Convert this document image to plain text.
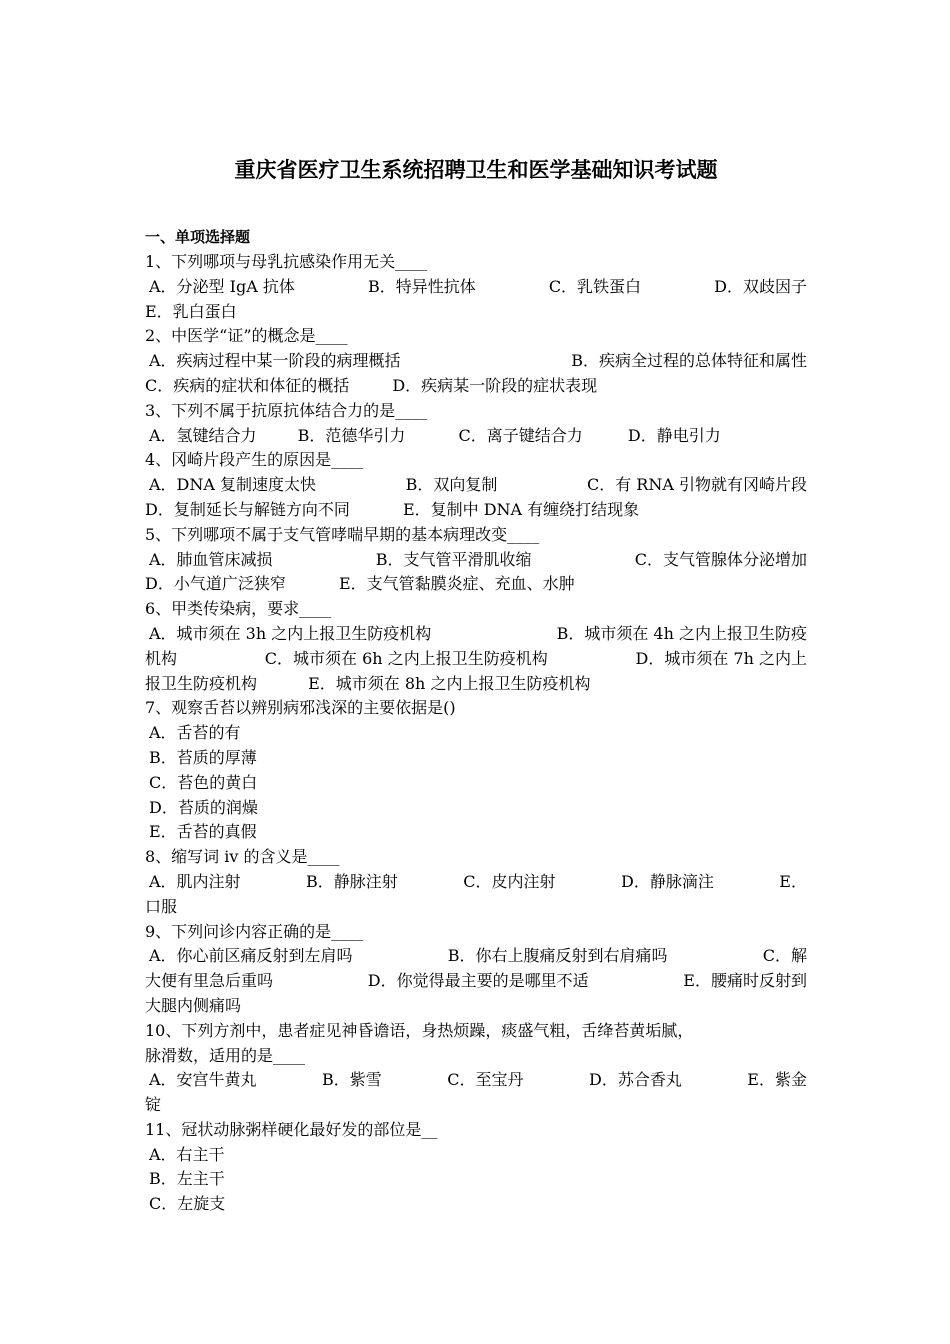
重庆省医疗卫生系统招聘卫生和医学基础知识考试题
一、单项选择题
1、下列哪项与母乳抗感染作用无关____
A．分泌型 IgA 抗体	B．特异性抗体	C．乳铁蛋白	D．双歧因子
E．乳白蛋白
2、中医学“证”的概念是____
A．疾病过程中某一阶段的病理概括	B．疾病全过程的总体特征和属性
C．疾病的症状和体征的概括	D．疾病某一阶段的症状表现
3、下列不属于抗原抗体结合力的是____
A．氢键结合力	B．范德华引力	C．离子键结合力	D．静电引力
4、冈崎片段产生的原因是____
A．DNA 复制速度太快	B．双向复制	C．有 RNA 引物就有冈崎片段
D．复制延长与解链方向不同	E．复制中 DNA 有缠绕打结现象
5、下列哪项不属于支气管哮喘早期的基本病理改变____
A．肺血管床减损	B．支气管平滑肌收缩	C．支气管腺体分泌增加
D．小气道广泛狭窄	E．支气管黏膜炎症、充血、水肿
6、甲类传染病，要求____
A．城市须在 3h 之内上报卫生防疫机构	B．城市须在 4h 之内上报卫生防疫
机构	C．城市须在 6h 之内上报卫生防疫机构	D．城市须在 7h 之内上
报卫生防疫机构	E．城市须在 8h 之内上报卫生防疫机构
7、观察舌苔以辨别病邪浅深的主要依据是()
A．舌苔的有
B．苔质的厚薄
C．苔色的黄白
D．苔质的润燥
E．舌苔的真假
8、缩写词 iv 的含义是____
A．肌内注射	B．静脉注射	C．皮内注射	D．静脉滴注	E．
口服
9、下列问诊内容正确的是____
A．你心前区痛反射到左肩吗	B．你右上腹痛反射到右肩痛吗	C．解
大便有里急后重吗	D．你觉得最主要的是哪里不适	E．腰痛时反射到
大腿内侧痛吗
10、下列方剂中，患者症见神昏谵语，身热烦躁，痰盛气粗，舌绛苔黄垢腻，
脉滑数，适用的是____
A．安宫牛黄丸	B．紫雪	C．至宝丹	D．苏合香丸	E．紫金
锭
11、冠状动脉粥样硬化最好发的部位是__
A．右主干
B．左主干
C．左旋支
